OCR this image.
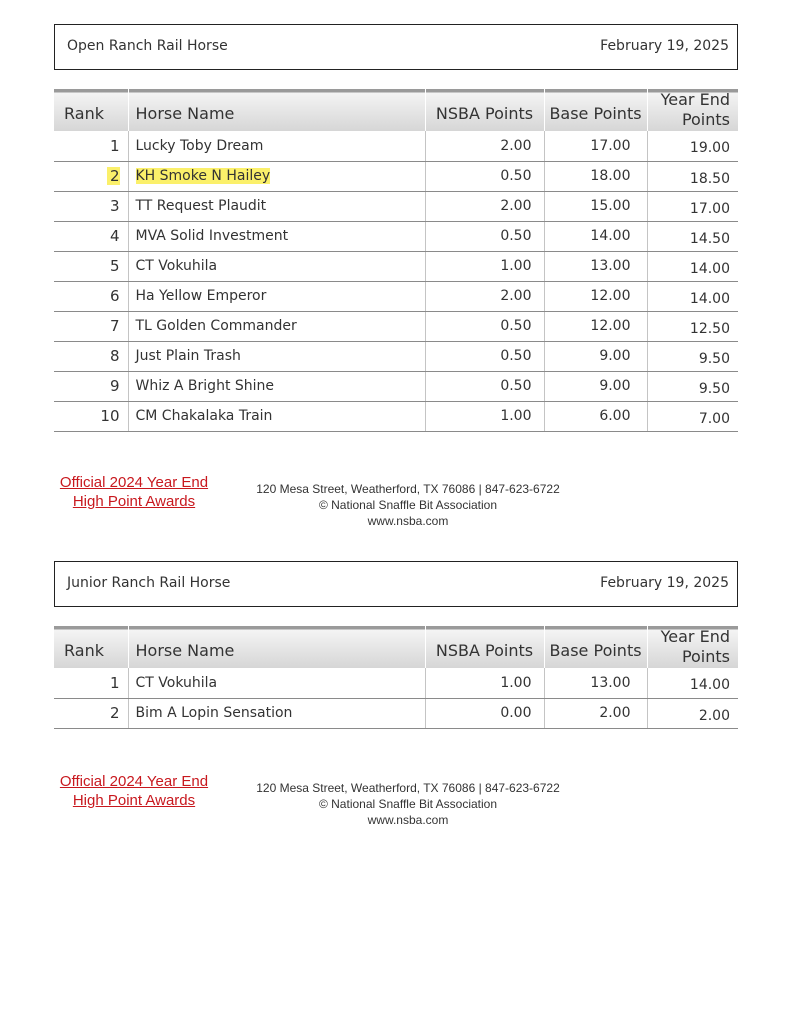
Open Ranch Rail Horse	February 19, 2025
Rank	Horse Name	NSBA Points	Base Points	Year End
Points
1	Lucky Toby Dream	2.00	17.00	19.00
2	KH Smoke N Hailey	0.50	18.00	18.50
3	TT Request Plaudit	2.00	15.00	17.00
4	MVA Solid Investment	0.50	14.00	14.50
5	CT Vokuhila	1.00	13.00	14.00
6	Ha Yellow Emperor	2.00	12.00	14.00
7	TL Golden Commander	0.50	12.00	12.50
8	Just Plain Trash	0.50	9.00	9.50
9	Whiz A Bright Shine	0.50	9.00	9.50
10	CM Chakalaka Train	1.00	6.00	7.00
Official 2024 Year End
High Point Awards
120 Mesa Street, Weatherford, TX 76086 | 847-623-6722
© National Snaffle Bit Association
www.nsba.com
Junior Ranch Rail Horse	February 19, 2025
Rank	Horse Name	NSBA Points	Base Points	Year End
Points
1	CT Vokuhila	1.00	13.00	14.00
2	Bim A Lopin Sensation	0.00	2.00	2.00
Official 2024 Year End
High Point Awards
120 Mesa Street, Weatherford, TX 76086 | 847-623-6722
© National Snaffle Bit Association
www.nsba.com
